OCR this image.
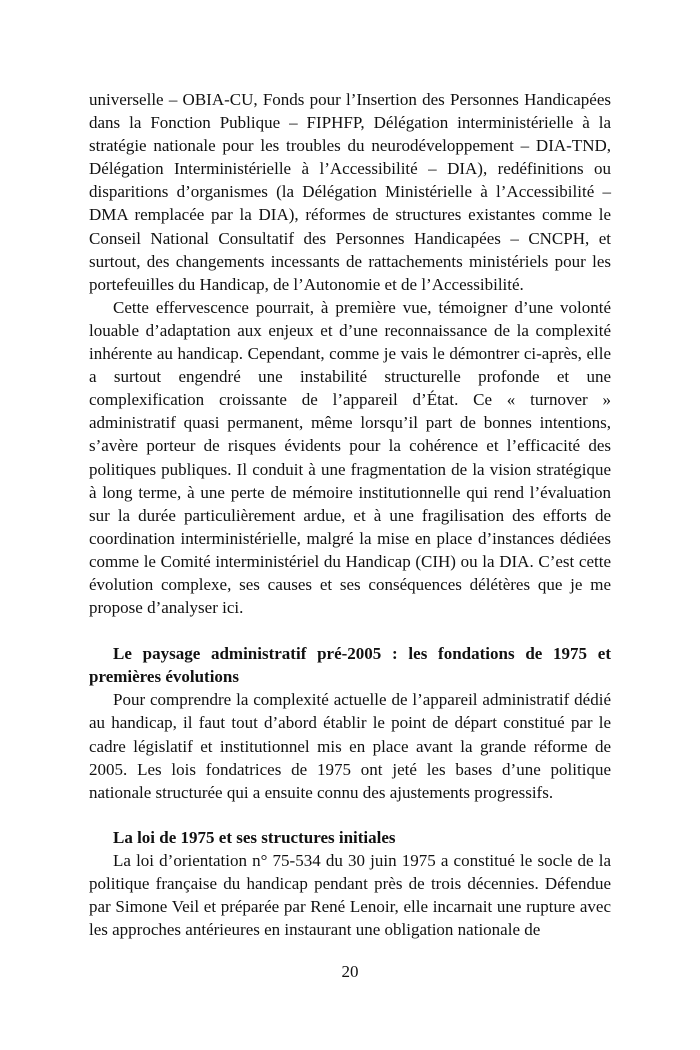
universelle – OBIA-CU, Fonds pour l’Insertion des Personnes Handicapées dans la Fonction Publique – FIPHFP, Délégation interministérielle à la stratégie nationale pour les troubles du neurodéveloppement – DIA-TND, Délégation Interministérielle à l’Accessibilité – DIA), redéfinitions ou disparitions d’organismes (la Délégation Ministérielle à l’Accessibilité – DMA remplacée par la DIA), réformes de structures existantes comme le Conseil National Consultatif des Personnes Handicapées – CNCPH, et surtout, des changements incessants de rattachements ministériels pour les portefeuilles du Handicap, de l’Autonomie et de l’Accessibilité.

Cette effervescence pourrait, à première vue, témoigner d’une volonté louable d’adaptation aux enjeux et d’une reconnaissance de la complexité inhérente au handicap. Cependant, comme je vais le démontrer ci-après, elle a surtout engendré une instabilité structurelle profonde et une complexification croissante de l’appareil d’État. Ce « turnover » administratif quasi permanent, même lorsqu’il part de bonnes intentions, s’avère porteur de risques évidents pour la cohérence et l’efficacité des politiques publiques. Il conduit à une fragmentation de la vision stratégique à long terme, à une perte de mémoire institutionnelle qui rend l’évaluation sur la durée particulièrement ardue, et à une fragilisation des efforts de coordination interministérielle, malgré la mise en place d’instances dédiées comme le Comité interministériel du Handicap (CIH) ou la DIA. C’est cette évolution complexe, ses causes et ses conséquences délétères que je me propose d’analyser ici.

Le paysage administratif pré-2005 : les fondations de 1975 et premières évolutions

Pour comprendre la complexité actuelle de l’appareil administratif dédié au handicap, il faut tout d’abord établir le point de départ constitué par le cadre législatif et institutionnel mis en place avant la grande réforme de 2005. Les lois fondatrices de 1975 ont jeté les bases d’une politique nationale structurée qui a ensuite connu des ajustements progressifs.

La loi de 1975 et ses structures initiales

La loi d’orientation n° 75-534 du 30 juin 1975 a constitué le socle de la politique française du handicap pendant près de trois décennies. Défendue par Simone Veil et préparée par René Lenoir, elle incarnait une rupture avec les approches antérieures en instaurant une obligation nationale de

20
